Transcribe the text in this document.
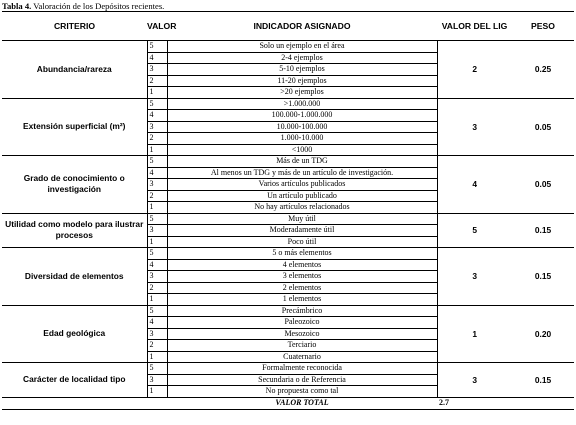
Tabla 4. Valoración de los Depósitos recientes.
CRITERIO	VALOR	INDICADOR ASIGNADO	VALOR DEL LIG	PESO
Abundancia/rareza	5	Solo un ejemplo en el área	2	0.25
	4	2-4 ejemplos		
	3	5-10 ejemplos		
	2	11-20 ejemplos		
	1	>20 ejemplos		
Extensión superficial (m²)	5	>1.000.000	3	0.05
	4	100.000-1.000.000		
	3	10.000-100.000		
	2	1.000-10.000		
	1	<1000		
Grado de conocimiento o investigación	5	Más de un TDG	4	0.05
	4	Al menos un TDG y más de un artículo de investigación.		
	3	Varios artículos publicados		
	2	Un artículo publicado		
	1	No hay artículos relacionados		
Utilidad como modelo para ilustrar procesos	5	Muy útil	5	0.15
	3	Moderadamente útil		
	1	Poco útil		
Diversidad de elementos	5	5 o más elementos	3	0.15
	4	4 elementos		
	3	3 elementos		
	2	2 elementos		
	1	1 elementos		
Edad geológica	5	Precámbrico	1	0.20
	4	Paleozoico		
	3	Mesozoico		
	2	Terciario		
	1	Cuaternario		
Carácter de localidad tipo	5	Formalmente reconocida	3	0.15
	3	Secundaria o de Referencia		
	1	No propuesta como tal		
		VALOR TOTAL	2.7	
